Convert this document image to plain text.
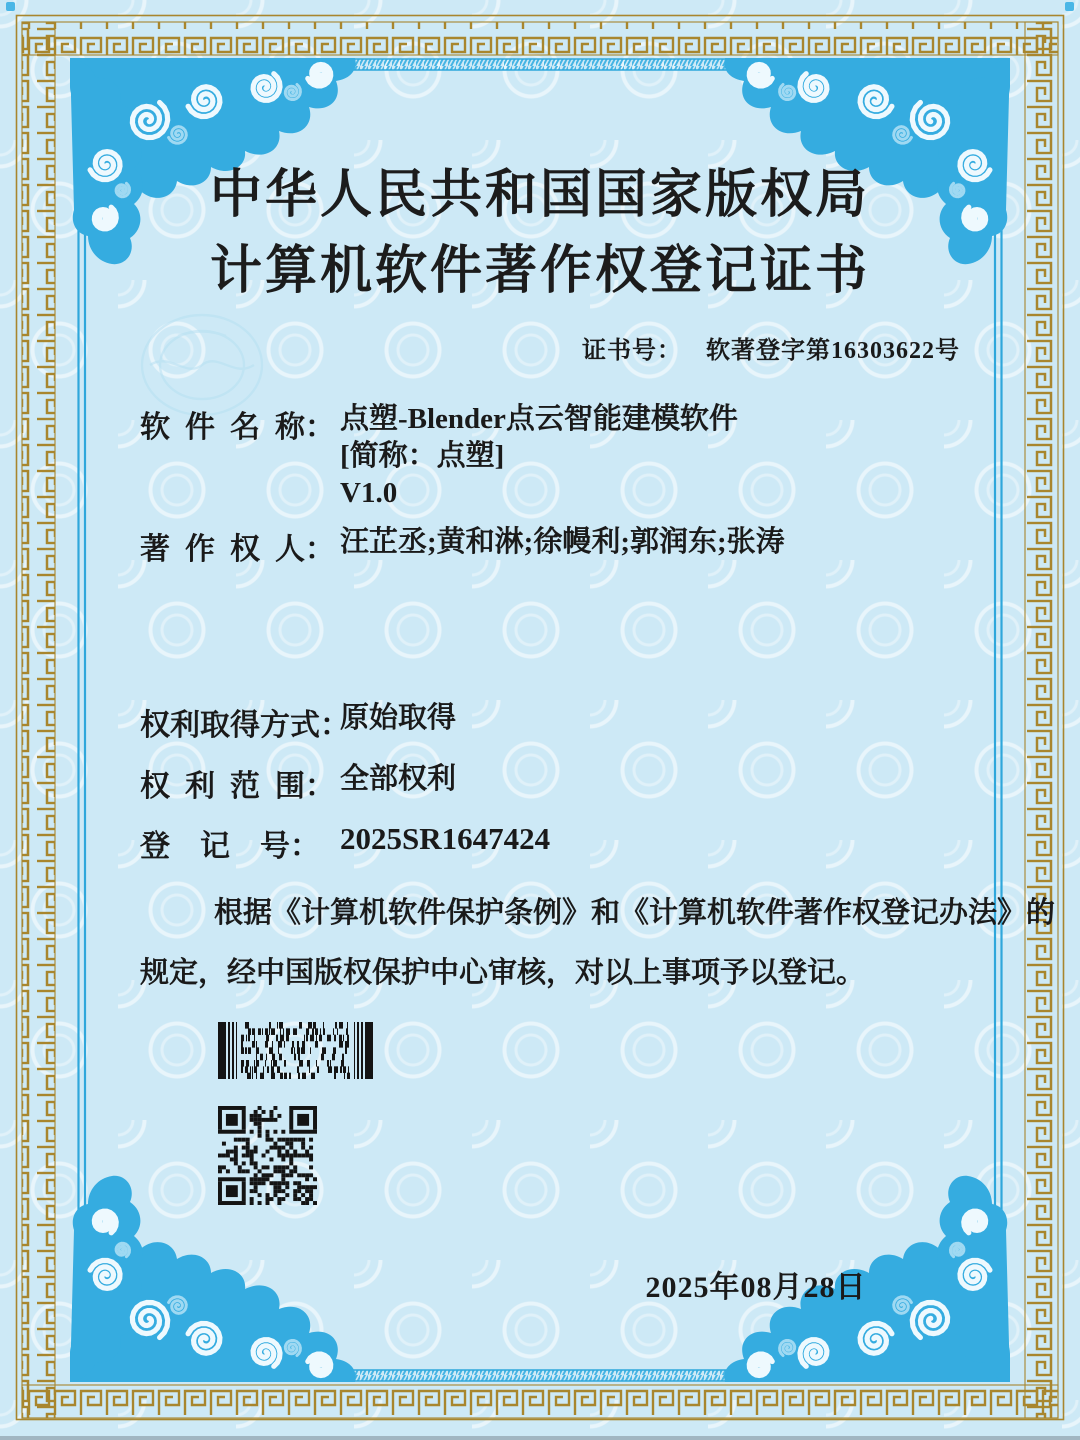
中华人民共和国国家版权局
计算机软件著作权登记证书
证书号： 软著登字第16303622号
软  件  名  称： 点塑-Blender点云智能建模软件
[简称：点塑]
V1.0
著  作  权  人： 汪芷丞;黄和淋;徐幔利;郭润东;张涛
权利取得方式：
原始取得
权  利  范  围： 全部权利
登    记    号： 2025SR1647424
根据《计算机软件保护条例》和《计算机软件著作权登记办法》的
规定，经中国版权保护中心审核，对以上事项予以登记。
2025年08月28日
